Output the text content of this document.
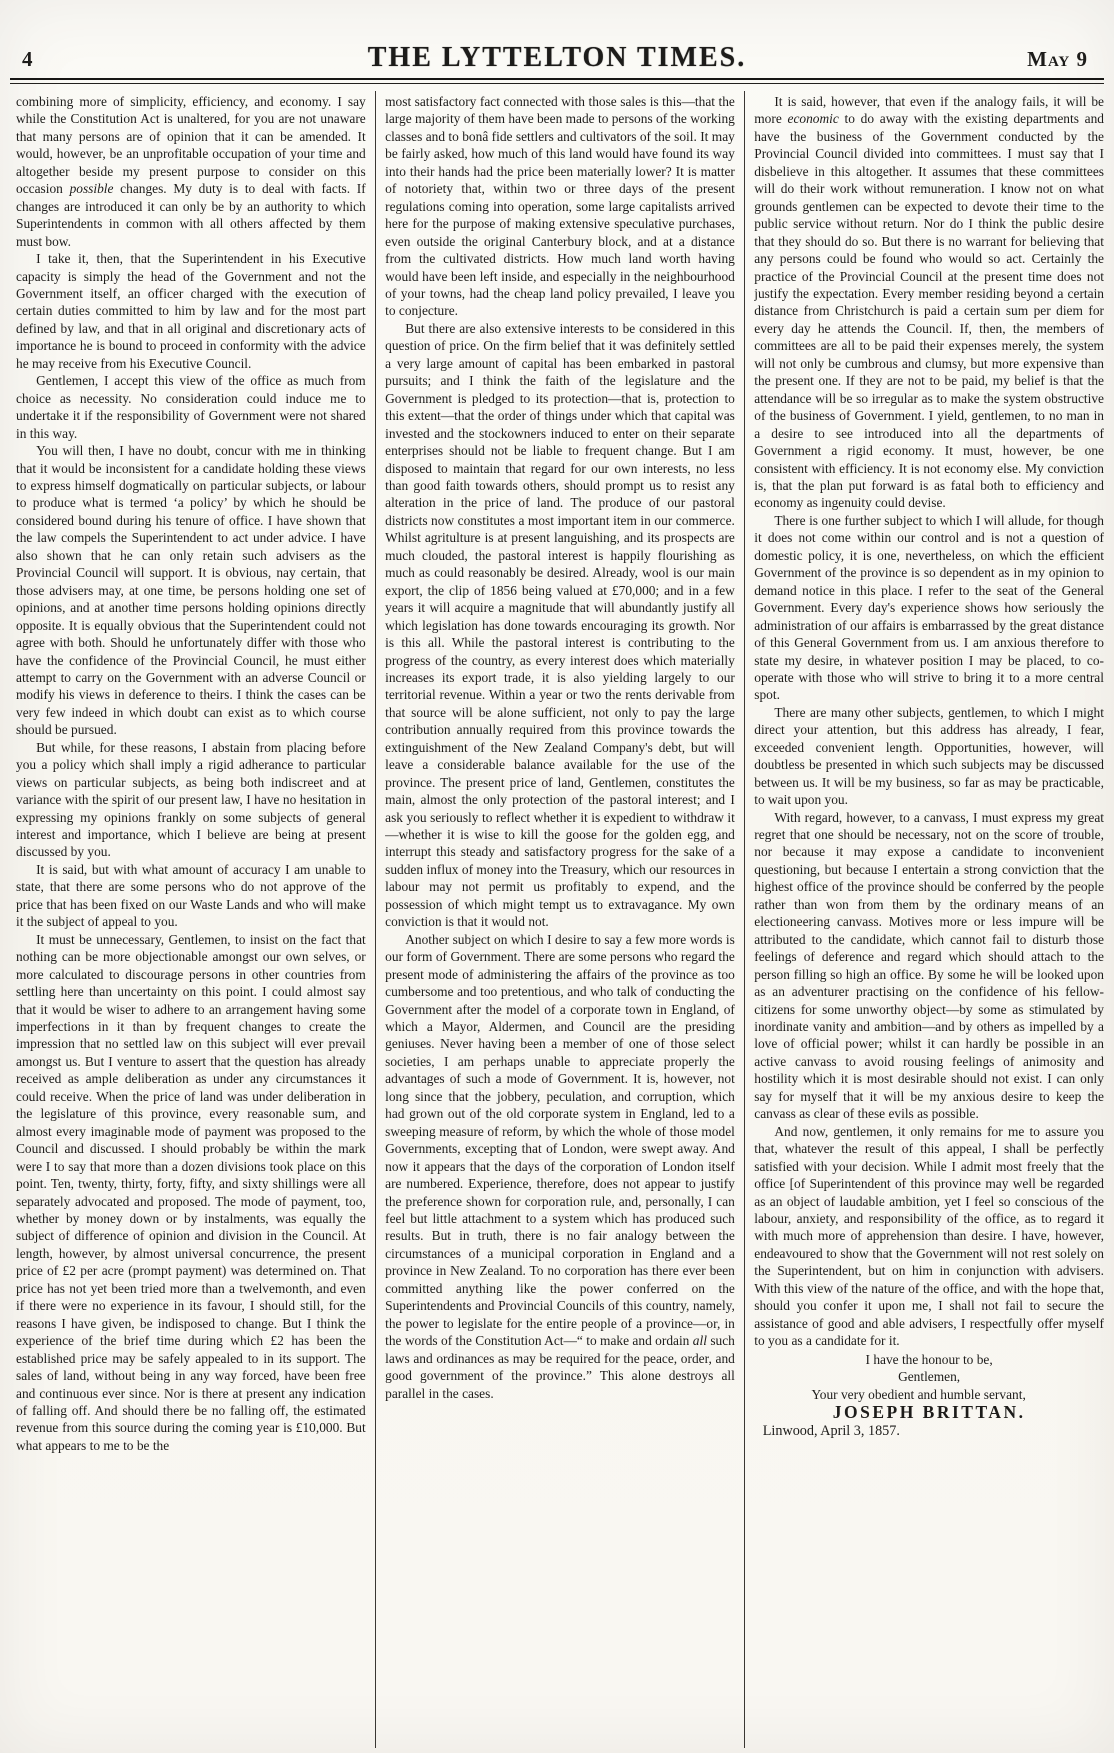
4	THE LYTTELTON TIMES.	May 9

combining more of simplicity, efficiency, and economy. I say while the Constitution Act is unaltered, for you are not unaware that many persons are of opinion that it can be amended. It would, however, be an unprofitable occupation of your time and altogether beside my present purpose to consider on this occasion possible changes. My duty is to deal with facts. If changes are introduced it can only be by an authority to which Superintendents in common with all others affected by them must bow.

I take it, then, that the Superintendent in his Executive capacity is simply the head of the Government and not the Government itself, an officer charged with the execution of certain duties committed to him by law and for the most part defined by law, and that in all original and discretionary acts of importance he is bound to proceed in conformity with the advice he may receive from his Executive Council.

Gentlemen, I accept this view of the office as much from choice as necessity. No consideration could induce me to undertake it if the responsibility of Government were not shared in this way.

You will then, I have no doubt, concur with me in thinking that it would be inconsistent for a candidate holding these views to express himself dogmatically on particular subjects, or labour to produce what is termed ‘a policy’ by which he should be considered bound during his tenure of office. I have shown that the law compels the Superintendent to act under advice. I have also shown that he can only retain such advisers as the Provincial Council will support. It is obvious, nay certain, that those advisers may, at one time, be persons holding one set of opinions, and at another time persons holding opinions directly opposite. It is equally obvious that the Superintendent could not agree with both. Should he unfortunately differ with those who have the confidence of the Provincial Council, he must either attempt to carry on the Government with an adverse Council or modify his views in deference to theirs. I think the cases can be very few indeed in which doubt can exist as to which course should be pursued.

But while, for these reasons, I abstain from placing before you a policy which shall imply a rigid adherance to particular views on particular subjects, as being both indiscreet and at variance with the spirit of our present law, I have no hesitation in expressing my opinions frankly on some subjects of general interest and importance, which I believe are being at present discussed by you.

It is said, but with what amount of accuracy I am unable to state, that there are some persons who do not approve of the price that has been fixed on our Waste Lands and who will make it the subject of appeal to you.

It must be unnecessary, Gentlemen, to insist on the fact that nothing can be more objectionable amongst our own selves, or more calculated to discourage persons in other countries from settling here than uncertainty on this point. I could almost say that it would be wiser to adhere to an arrangement having some imperfections in it than by frequent changes to create the impression that no settled law on this subject will ever prevail amongst us. But I venture to assert that the question has already received as ample deliberation as under any circumstances it could receive. When the price of land was under deliberation in the legislature of this province, every reasonable sum, and almost every imaginable mode of payment was proposed to the Council and discussed. I should probably be within the mark were I to say that more than a dozen divisions took place on this point. Ten, twenty, thirty, forty, fifty, and sixty shillings were all separately advocated and proposed. The mode of payment, too, whether by money down or by instalments, was equally the subject of difference of opinion and division in the Council. At length, however, by almost universal concurrence, the present price of £2 per acre (prompt payment) was determined on. That price has not yet been tried more than a twelvemonth, and even if there were no experience in its favour, I should still, for the reasons I have given, be indisposed to change. But I think the experience of the brief time during which £2 has been the established price may be safely appealed to in its support. The sales of land, without being in any way forced, have been free and continuous ever since. Nor is there at present any indication of falling off. And should there be no falling off, the estimated revenue from this source during the coming year is £10,000. But what appears to me to be the

most satisfactory fact connected with those sales is this—that the large majority of them have been made to persons of the working classes and to bonâ fide settlers and cultivators of the soil. It may be fairly asked, how much of this land would have found its way into their hands had the price been materially lower? It is matter of notoriety that, within two or three days of the present regulations coming into operation, some large capitalists arrived here for the purpose of making extensive speculative purchases, even outside the original Canterbury block, and at a distance from the cultivated districts. How much land worth having would have been left inside, and especially in the neighbourhood of your towns, had the cheap land policy prevailed, I leave you to conjecture.

But there are also extensive interests to be considered in this question of price. On the firm belief that it was definitely settled a very large amount of capital has been embarked in pastoral pursuits; and I think the faith of the legislature and the Government is pledged to its protection—that is, protection to this extent—that the order of things under which that capital was invested and the stockowners induced to enter on their separate enterprises should not be liable to frequent change. But I am disposed to maintain that regard for our own interests, no less than good faith towards others, should prompt us to resist any alteration in the price of land. The produce of our pastoral districts now constitutes a most important item in our commerce. Whilst agritulture is at present languishing, and its prospects are much clouded, the pastoral interest is happily flourishing as much as could reasonably be desired. Already, wool is our main export, the clip of 1856 being valued at £70,000; and in a few years it will acquire a magnitude that will abundantly justify all which legislation has done towards encouraging its growth. Nor is this all. While the pastoral interest is contributing to the progress of the country, as every interest does which materially increases its export trade, it is also yielding largely to our territorial revenue. Within a year or two the rents derivable from that source will be alone sufficient, not only to pay the large contribution annually required from this province towards the extinguishment of the New Zealand Company's debt, but will leave a considerable balance available for the use of the province. The present price of land, Gentlemen, constitutes the main, almost the only protection of the pastoral interest; and I ask you seriously to reflect whether it is expedient to withdraw it—whether it is wise to kill the goose for the golden egg, and interrupt this steady and satisfactory progress for the sake of a sudden influx of money into the Treasury, which our resources in labour may not permit us profitably to expend, and the possession of which might tempt us to extravagance. My own conviction is that it would not.

Another subject on which I desire to say a few more words is our form of Government. There are some persons who regard the present mode of administering the affairs of the province as too cumbersome and too pretentious, and who talk of conducting the Government after the model of a corporate town in England, of which a Mayor, Aldermen, and Council are the presiding geniuses. Never having been a member of one of those select societies, I am perhaps unable to appreciate properly the advantages of such a mode of Government. It is, however, not long since that the jobbery, peculation, and corruption, which had grown out of the old corporate system in England, led to a sweeping measure of reform, by which the whole of those model Governments, excepting that of London, were swept away. And now it appears that the days of the corporation of London itself are numbered. Experience, therefore, does not appear to justify the preference shown for corporation rule, and, personally, I can feel but little attachment to a system which has produced such results. But in truth, there is no fair analogy between the circumstances of a municipal corporation in England and a province in New Zealand. To no corporation has there ever been committed anything like the power conferred on the Superintendents and Provincial Councils of this country, namely, the power to legislate for the entire people of a province—or, in the words of the Constitution Act—“ to make and ordain all such laws and ordinances as may be required for the peace, order, and good government of the province.” This alone destroys all parallel in the cases.

It is said, however, that even if the analogy fails, it will be more economic to do away with the existing departments and have the business of the Government conducted by the Provincial Council divided into committees. I must say that I disbelieve in this altogether. It assumes that these committees will do their work without remuneration. I know not on what grounds gentlemen can be expected to devote their time to the public service without return. Nor do I think the public desire that they should do so. But there is no warrant for believing that any persons could be found who would so act. Certainly the practice of the Provincial Council at the present time does not justify the expectation. Every member residing beyond a certain distance from Christchurch is paid a certain sum per diem for every day he attends the Council. If, then, the members of committees are all to be paid their expenses merely, the system will not only be cumbrous and clumsy, but more expensive than the present one. If they are not to be paid, my belief is that the attendance will be so irregular as to make the system obstructive of the business of Government. I yield, gentlemen, to no man in a desire to see introduced into all the departments of Government a rigid economy. It must, however, be one consistent with efficiency. It is not economy else. My conviction is, that the plan put forward is as fatal both to efficiency and economy as ingenuity could devise.

There is one further subject to which I will allude, for though it does not come within our control and is not a question of domestic policy, it is one, nevertheless, on which the efficient Government of the province is so dependent as in my opinion to demand notice in this place. I refer to the seat of the General Government. Every day's experience shows how seriously the administration of our affairs is embarrassed by the great distance of this General Government from us. I am anxious therefore to state my desire, in whatever position I may be placed, to co-operate with those who will strive to bring it to a more central spot.

There are many other subjects, gentlemen, to which I might direct your attention, but this address has already, I fear, exceeded convenient length. Opportunities, however, will doubtless be presented in which such subjects may be discussed between us. It will be my business, so far as may be practicable, to wait upon you.

With regard, however, to a canvass, I must express my great regret that one should be necessary, not on the score of trouble, nor because it may expose a candidate to inconvenient questioning, but because I entertain a strong conviction that the highest office of the province should be conferred by the people rather than won from them by the ordinary means of an electioneering canvass. Motives more or less impure will be attributed to the candidate, which cannot fail to disturb those feelings of deference and regard which should attach to the person filling so high an office. By some he will be looked upon as an adventurer practising on the confidence of his fellow-citizens for some unworthy object—by some as stimulated by inordinate vanity and ambition—and by others as impelled by a love of official power; whilst it can hardly be possible in an active canvass to avoid rousing feelings of animosity and hostility which it is most desirable should not exist. I can only say for myself that it will be my anxious desire to keep the canvass as clear of these evils as possible.

And now, gentlemen, it only remains for me to assure you that, whatever the result of this appeal, I shall be perfectly satisfied with your decision. While I admit most freely that the office [of Superintendent of this province may well be regarded as an object of laudable ambition, yet I feel so conscious of the labour, anxiety, and responsibility of the office, as to regard it with much more of apprehension than desire. I have, however, endeavoured to show that the Government will not rest solely on the Superintendent, but on him in conjunction with advisers. With this view of the nature of the office, and with the hope that, should you confer it upon me, I shall not fail to secure the assistance of good and able advisers, I respectfully offer myself to you as a candidate for it.

I have the honour to be,

Gentlemen,

Your very obedient and humble servant,

JOSEPH BRITTAN.

Linwood, April 3, 1857.
